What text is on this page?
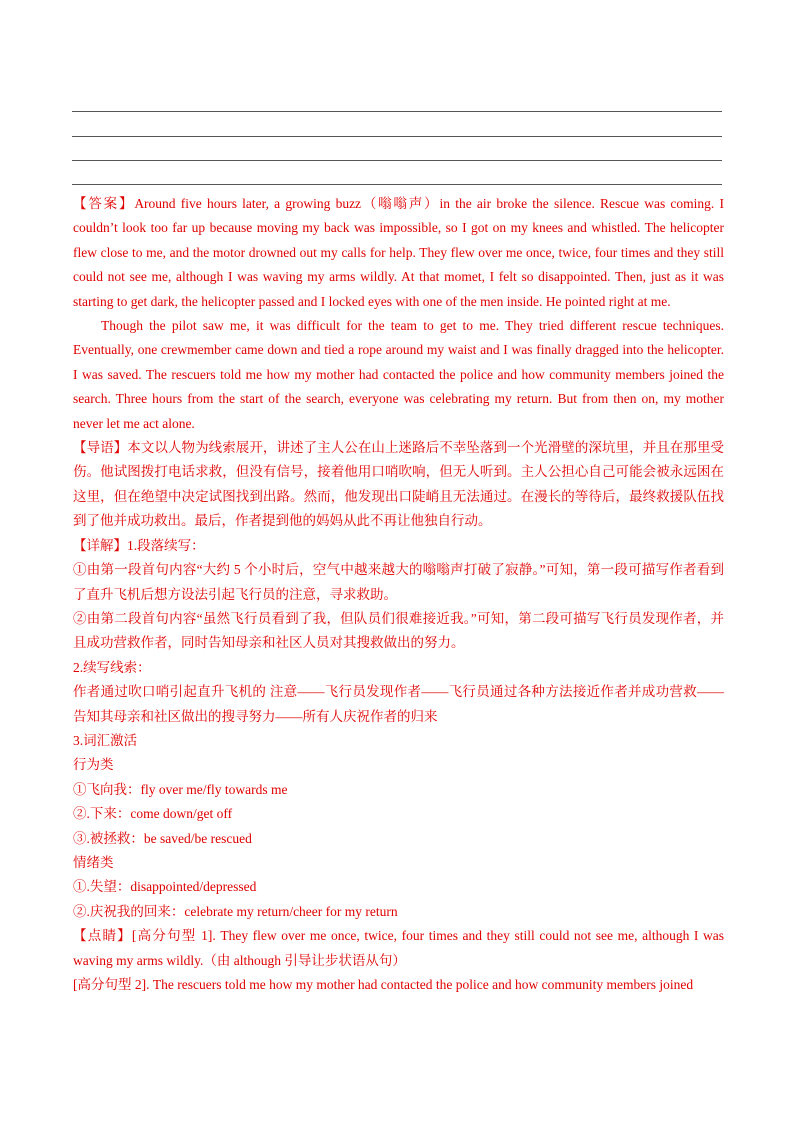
【答案】Around five hours later, a growing buzz（嗡嗡声）in the air broke the silence. Rescue was coming. I couldn’t look too far up because moving my back was impossible, so I got on my knees and whistled. The helicopter flew close to me, and the motor drowned out my calls for help. They flew over me once, twice, four times and they still could not see me, although I was waving my arms wildly. At that momet, I felt so disappointed. Then, just as it was starting to get dark, the helicopter passed and I locked eyes with one of the men inside. He pointed right at me.

Though the pilot saw me, it was difficult for the team to get to me. They tried different rescue techniques. Eventually, one crewmember came down and tied a rope around my waist and I was finally dragged into the helicopter. I was saved. The rescuers told me how my mother had contacted the police and how community members joined the search. Three hours from the start of the search, everyone was celebrating my return. But from then on, my mother never let me act alone.

【导语】本文以人物为线索展开，讲述了主人公在山上迷路后不幸坠落到一个光滑壁的深坑里，并且在那里受伤。他试图拨打电话求救，但没有信号，接着他用口哨吹响，但无人听到。主人公担心自己可能会被永远困在这里，但在绝望中决定试图找到出路。然而，他发现出口陡峭且无法通过。在漫长的等待后，最终救援队伍找到了他并成功救出。最后，作者提到他的妈妈从此不再让他独自行动。

【详解】1.段落续写：

①由第一段首句内容“大约 5 个小时后，空气中越来越大的嗡嗡声打破了寂静。”可知，第一段可描写作者看到了直升飞机后想方设法引起飞行员的注意，寻求救助。

②由第二段首句内容“虽然飞行员看到了我，但队员们很难接近我。”可知，第二段可描写飞行员发现作者，并且成功营救作者，同时告知母亲和社区人员对其搜救做出的努力。

2.续写线索：

作者通过吹口哨引起直升飞机的 注意——飞行员发现作者——飞行员通过各种方法接近作者并成功营救——告知其母亲和社区做出的搜寻努力——所有人庆祝作者的归来

3.词汇激活

行为类

①飞向我：fly over me/fly towards me

②.下来：come down/get off

③.被拯救：be saved/be rescued

情绪类

①.失望：disappointed/depressed

②.庆祝我的回来：celebrate my return/cheer for my return

【点睛】[高分句型 1]. They flew over me once, twice, four times and they still could not see me, although I was waving my arms wildly.（由 although 引导让步状语从句）

[高分句型 2]. The rescuers told me how my mother had contacted the police and how community members joined
